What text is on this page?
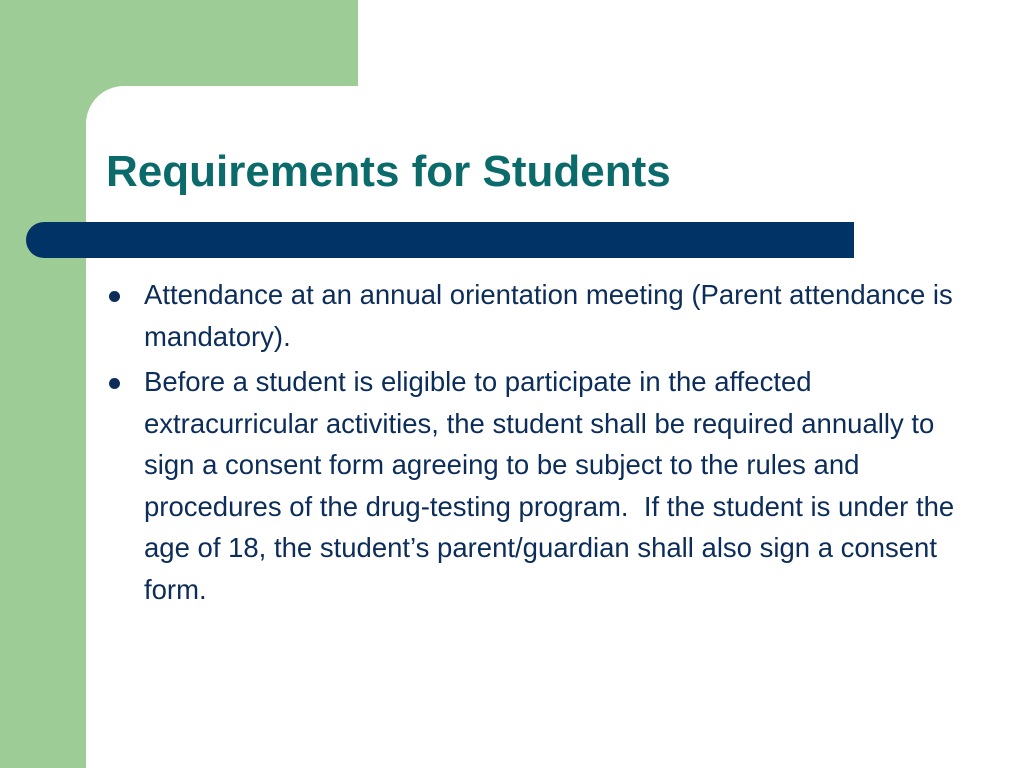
Requirements for Students
Attendance at an annual orientation meeting (Parent attendance is mandatory).
Before a student is eligible to participate in the affected extracurricular activities, the student shall be required annually to sign a consent form agreeing to be subject to the rules and procedures of the drug-testing program.  If the student is under the age of 18, the student’s parent/guardian shall also sign a consent form.
